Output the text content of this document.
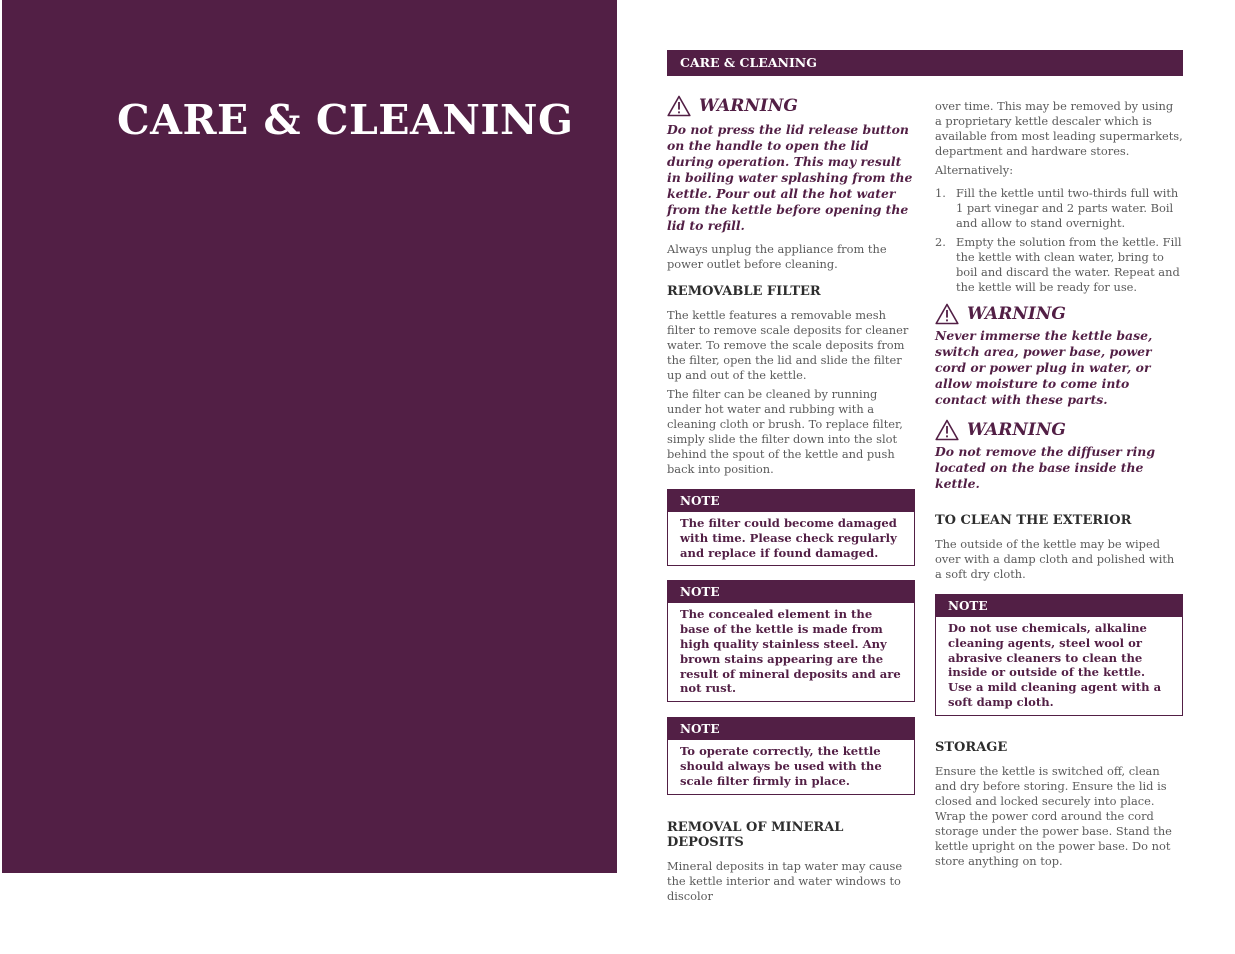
CARE & CLEANING
CARE & CLEANING
WARNING

Do not press the lid release button on the handle to open the lid during operation. This may result in boiling water splashing from the kettle. Pour out all the hot water from the kettle before opening the lid to refill.

Always unplug the appliance from the power outlet before cleaning.

REMOVABLE FILTER

The kettle features a removable mesh filter to remove scale deposits for cleaner water. To remove the scale deposits from the filter, open the lid and slide the filter up and out of the kettle.

The filter can be cleaned by running under hot water and rubbing with a cleaning cloth or brush. To replace filter, simply slide the filter down into the slot behind the spout of the kettle and push back into position.

NOTE
The filter could become damaged with time. Please check regularly and replace if found damaged.
NOTE
The concealed element in the base of the kettle is made from high quality stainless steel. Any brown stains appearing are the result of mineral deposits and are not rust.
NOTE
To operate correctly, the kettle should always be used with the scale filter firmly in place.
REMOVAL OF MINERAL DEPOSITS

Mineral deposits in tap water may cause the kettle interior and water windows to discolor

over time. This may be removed by using a proprietary kettle descaler which is available from most leading supermarkets, department and hardware stores.

Alternatively:

1. Fill the kettle until two-thirds full with 1 part vinegar and 2 parts water. Boil and allow to stand overnight.
2. Empty the solution from the kettle. Fill the kettle with clean water, bring to boil and discard the water. Repeat and the kettle will be ready for use.
WARNING

Never immerse the kettle base, switch area, power base, power cord or power plug in water, or allow moisture to come into contact with these parts.

WARNING

Do not remove the diffuser ring located on the base inside the kettle.

TO CLEAN THE EXTERIOR

The outside of the kettle may be wiped over with a damp cloth and polished with a soft dry cloth.

NOTE
Do not use chemicals, alkaline cleaning agents, steel wool or abrasive cleaners to clean the inside or outside of the kettle. Use a mild cleaning agent with a soft damp cloth.
STORAGE

Ensure the kettle is switched off, clean and dry before storing. Ensure the lid is closed and locked securely into place. Wrap the power cord around the cord storage under the power base. Stand the kettle upright on the power base. Do not store anything on top.
